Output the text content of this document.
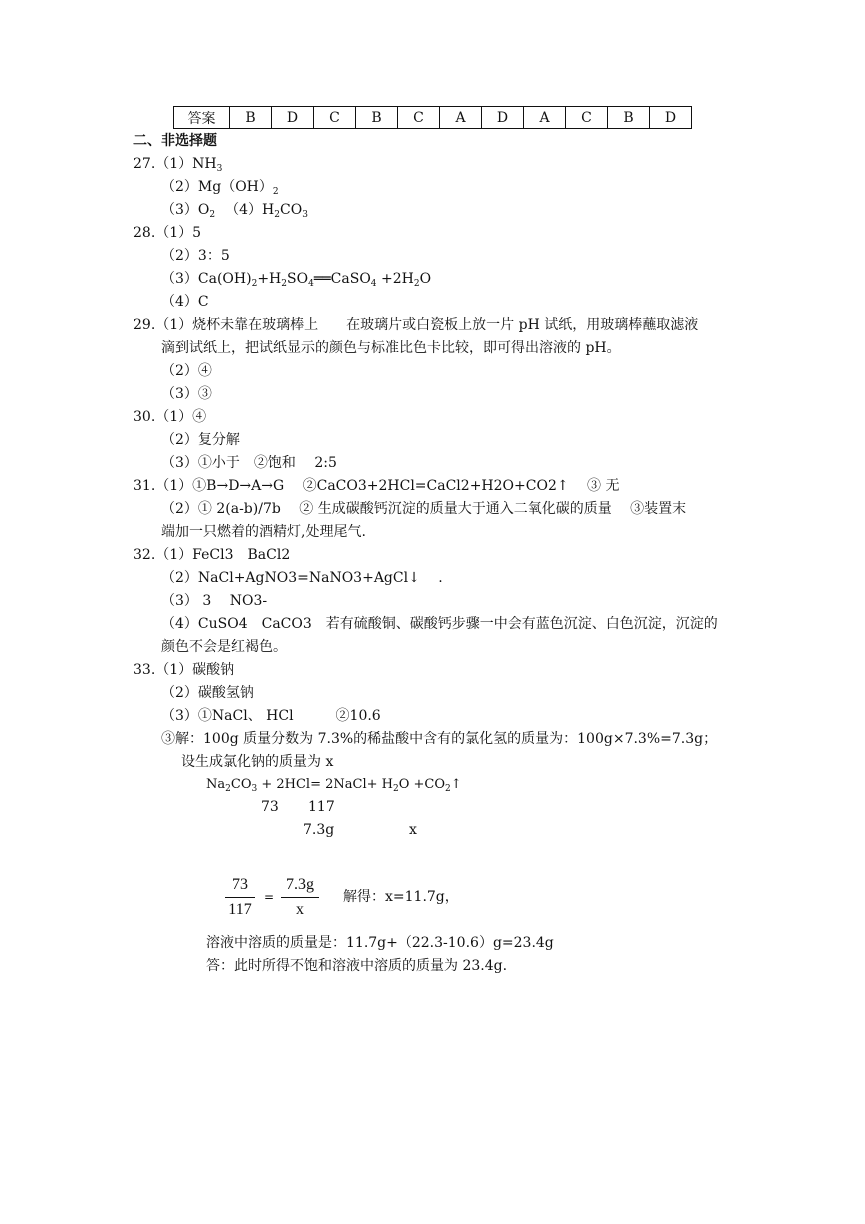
答案	B	D	C	B	C	A	D	A	C	B	D
二、非选择题
$27.(1)NH_3$
$(2)Mg(OH)_2$
$(3)O_2$ $(4)H_2CO_3$
28.（1）5
（2）3：5
$(3)Ca(OH)_2+H_2SO_4══CaSO_4 +2H_2O$
（4）C
29.（1）烧杯未靠在玻璃棒上　　在玻璃片或白瓷板上放一片 pH 试纸，用玻璃棒蘸取滤液
滴到试纸上，把试纸显示的颜色与标准比色卡比较，即可得出溶液的 pH。
（2）④
（3）③
30.（1）④
（2）复分解
（3）①小于　②饱和　 2:5
31.（1）①B→D→A→G　 ②CaCO3+2HCl=CaCl2+H2O+CO2↑　 ③ 无
（2）① 2(a-b)/7b　 ② 生成碳酸钙沉淀的质量大于通入二氧化碳的质量　 ③装置末
端加一只燃着的酒精灯,处理尾气.
32.（1）FeCl3　BaCl2
（2）NaCl+AgNO3=NaNO3+AgCl↓　 .
（3） 3　 NO3-
（4）CuSO4　CaCO3　若有硫酸铜、碳酸钙步骤一中会有蓝色沉淀、白色沉淀，沉淀的
颜色不会是红褐色。
33.（1）碳酸钠
（2）碳酸氢钠
（3）①NaCl、 HCl　　　②10.6
③解：100g 质量分数为 7.3%的稀盐酸中含有的氯化氢的质量为：100g×7.3%=7.3g；
设生成氯化钠的质量为 x
$Na_2CO_3 + 2HCl=$ 2NaCl+ $H_2O$ $+CO_2↑$
73 117
7.3g	x
73
117
=
7.3g
x
解得：x=11.7g，
溶液中溶质的质量是：11.7g+（22.3-10.6）g=23.4g
答：此时所得不饱和溶液中溶质的质量为 23.4g.
